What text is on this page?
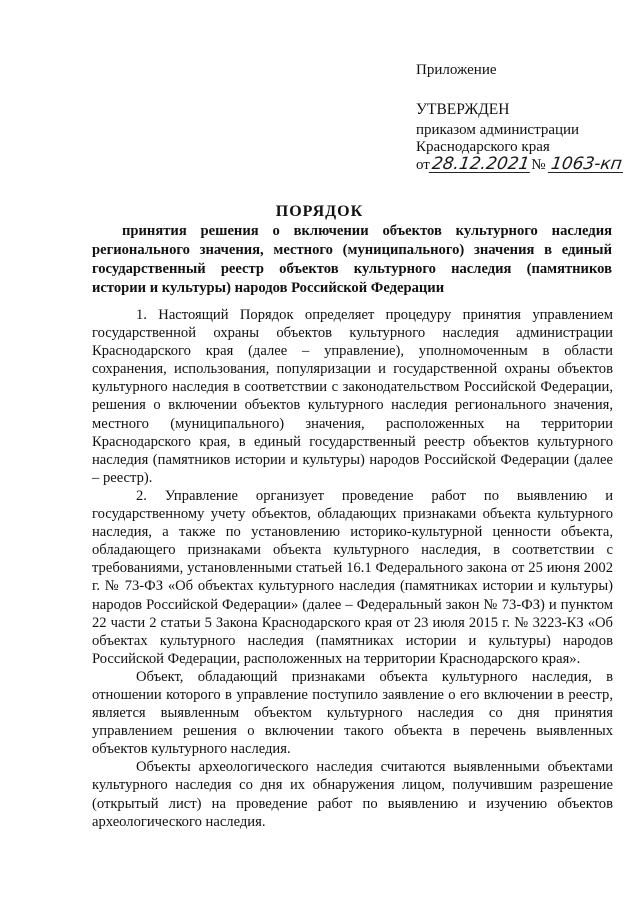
Приложение

УТВЕРЖДЕН

приказом администрации

Краснодарского края

от28.12.2021№ 1063-кп

ПОРЯДОК

принятия решения о включении объектов культурного наследия регионального значения, местного (муниципального) значения в единый государственный реестр объектов культурного наследия (памятников истории и культуры) народов Российской Федерации

1. Настоящий Порядок определяет процедуру принятия управлением государственной охраны объектов культурного наследия администрации Краснодарского края (далее – управление), уполномоченным в области сохранения, использования, популяризации и государственной охраны объектов культурного наследия в соответствии с законодательством Российской Федерации, решения о включении объектов культурного наследия регионального значения, местного (муниципального) значения, расположенных на территории Краснодарского края, в единый государственный реестр объектов культурного наследия (памятников истории и культуры) народов Российской Федерации (далее – реестр).

2. Управление организует проведение работ по выявлению и государственному учету объектов, обладающих признаками объекта культурного наследия, а также по установлению историко-культурной ценности объекта, обладающего признаками объекта культурного наследия, в соответствии с требованиями, установленными статьей 16.1 Федерального закона от 25 июня 2002 г. № 73-ФЗ «Об объектах культурного наследия (памятниках истории и культуры) народов Российской Федерации» (далее – Федеральный закон № 73-ФЗ) и пунктом 22 части 2 статьи 5 Закона Краснодарского края от 23 июля 2015 г. № 3223-КЗ «Об объектах культурного наследия (памятниках истории и культуры) народов Российской Федерации, расположенных на территории Краснодарского края».

Объект, обладающий признаками объекта культурного наследия, в отношении которого в управление поступило заявление о его включении в реестр, является выявленным объектом культурного наследия со дня принятия управлением решения о включении такого объекта в перечень выявленных объектов культурного наследия.

Объекты археологического наследия считаются выявленными объектами культурного наследия со дня их обнаружения лицом, получившим разрешение (открытый лист) на проведение работ по выявлению и изучению объектов археологического наследия.
